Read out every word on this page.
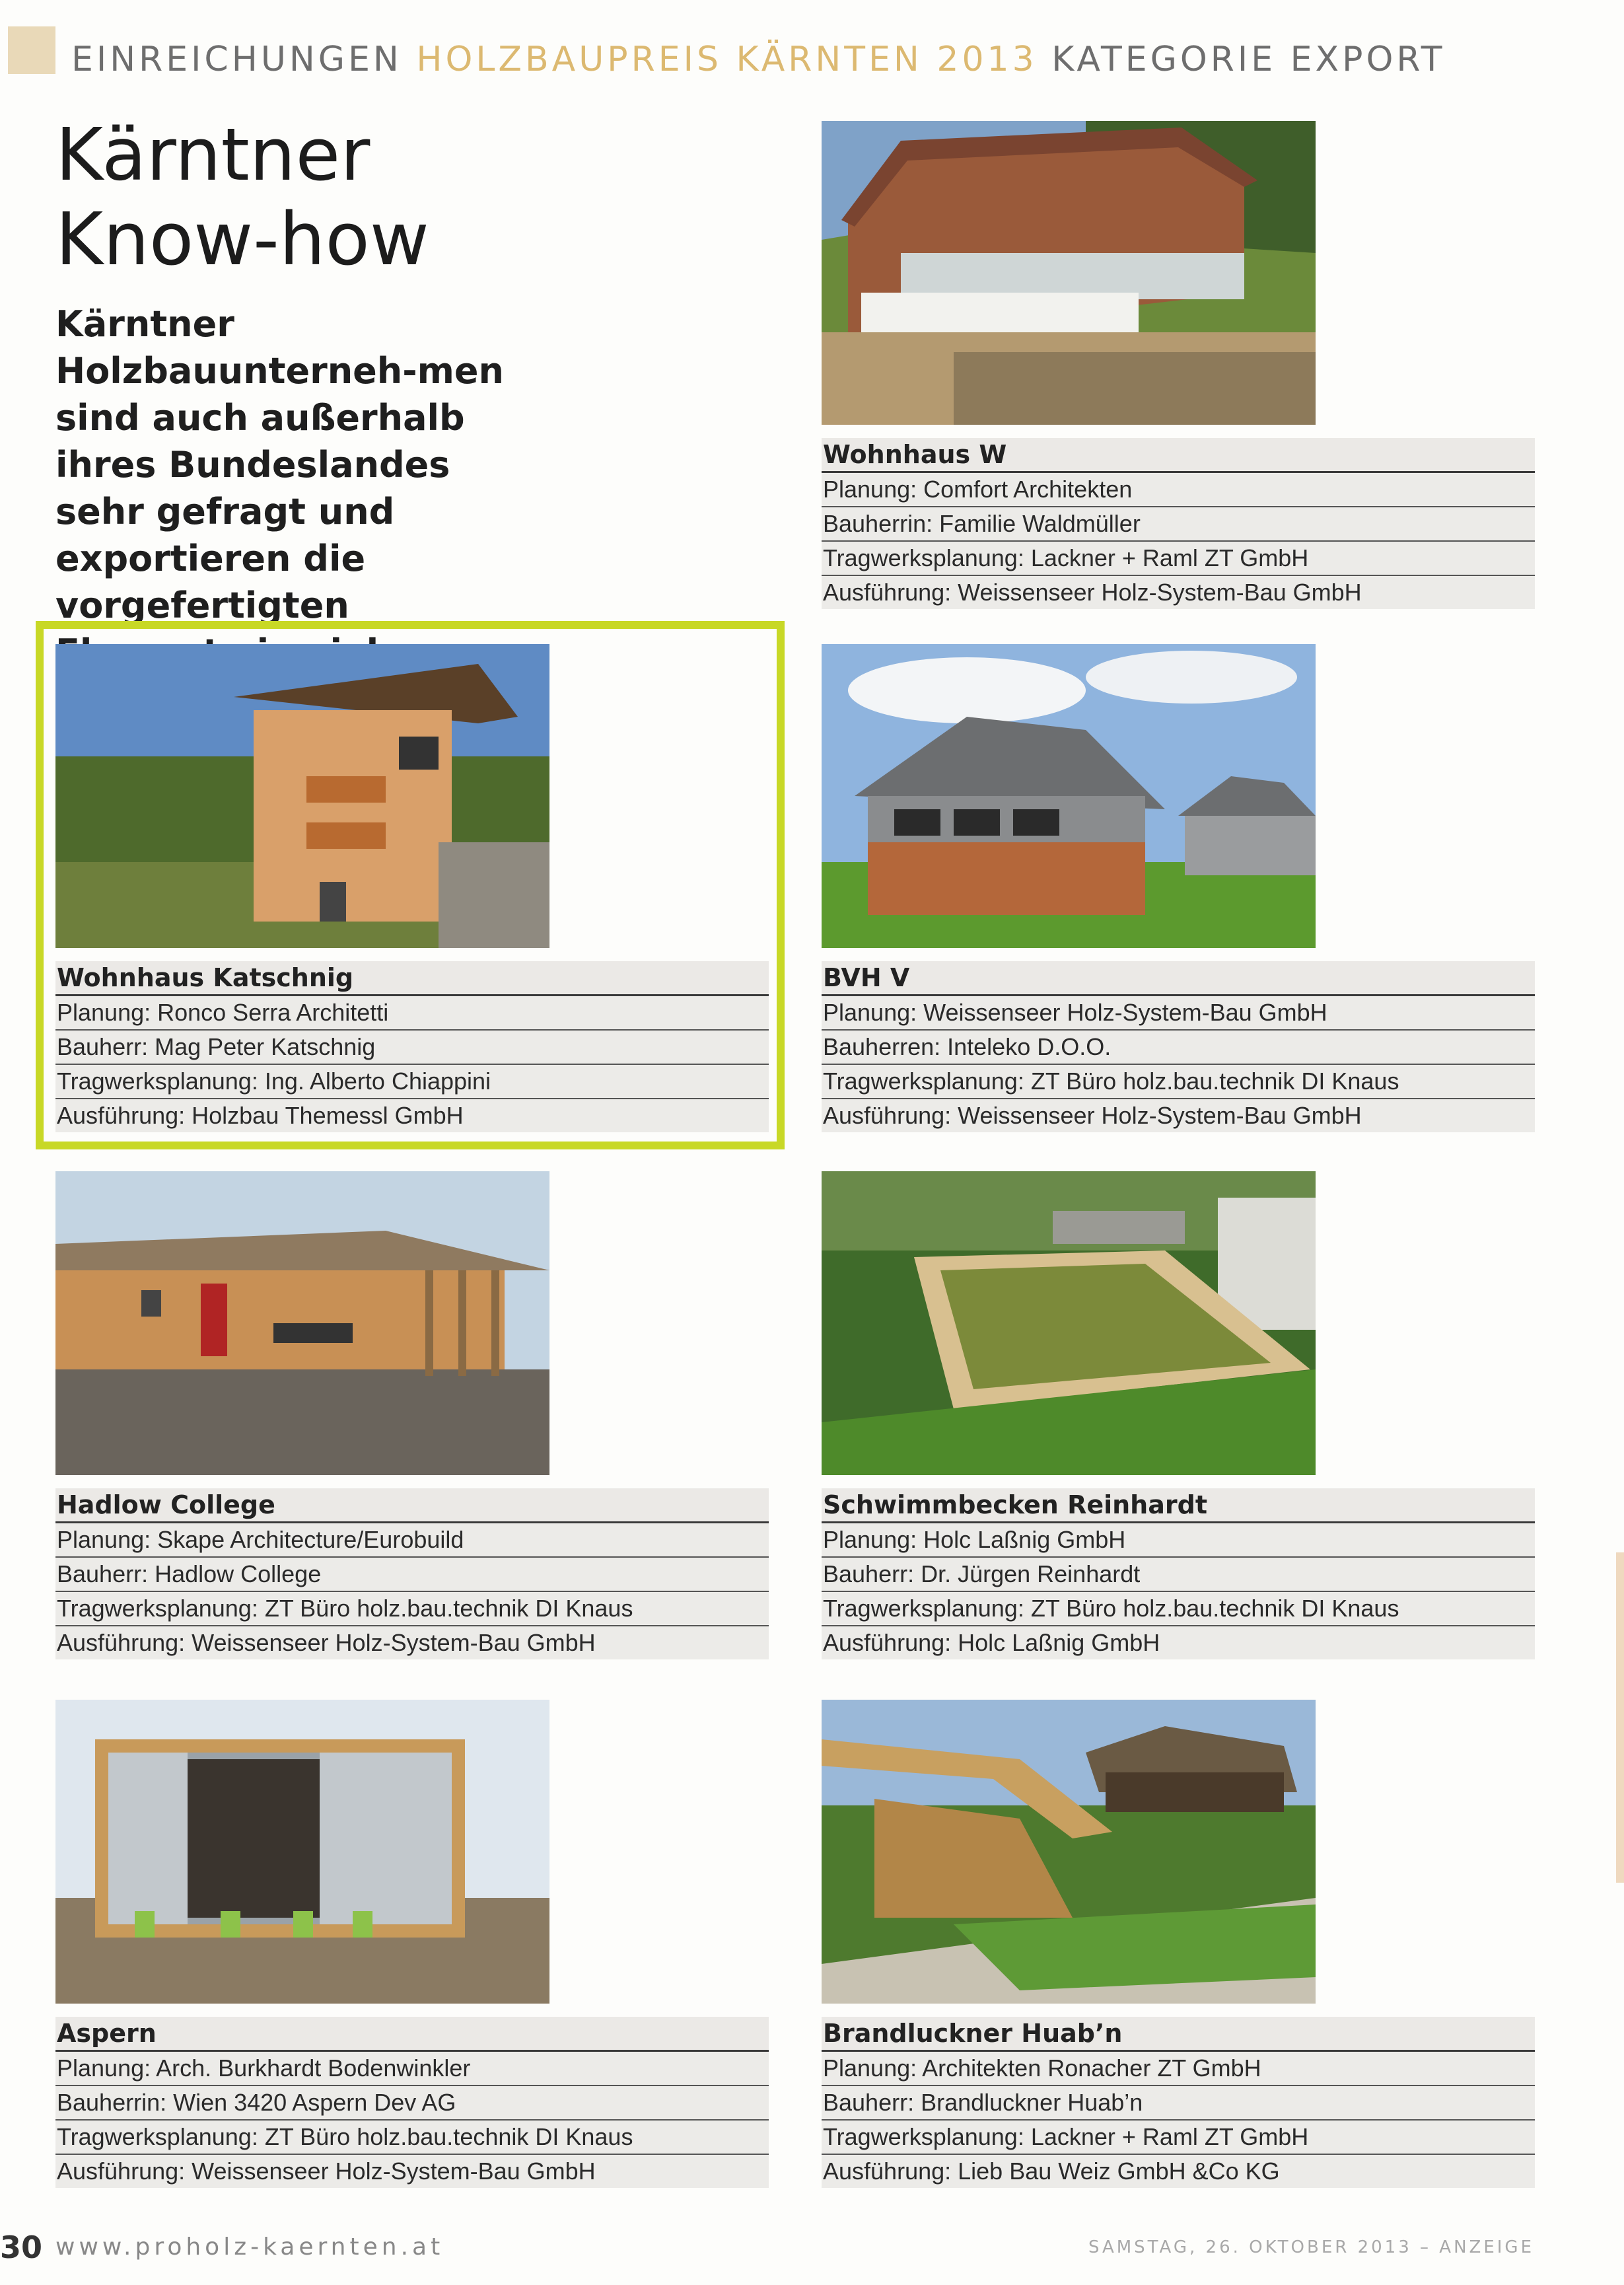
EINREICHUNGEN HOLZBAUPREIS KÄRNTEN 2013 KATEGORIE EXPORT
Kärntner
Know-how
Kärntner Holzbauunterneh-men sind auch außerhalb ihres Bundeslandes sehr gefragt und exportieren die vorgefertigten
Wohnhaus W
Planung: Comfort Architekten
Bauherrin: Familie Waldmüller
Tragwerksplanung: Lackner + Raml ZT GmbH
Ausführung: Weissenseer Holz-System-Bau GmbH
Wohnhaus Katschnig
Planung: Ronco Serra Architetti
Bauherr: Mag Peter Katschnig
Tragwerksplanung: Ing. Alberto Chiappini
Ausführung: Holzbau Themessl GmbH
BVH V
Planung: Weissenseer Holz-System-Bau GmbH
Bauherren: Inteleko D.O.O.
Tragwerksplanung: ZT Büro holz.bau.technik DI Knaus
Ausführung: Weissenseer Holz-System-Bau GmbH
Hadlow College
Planung: Skape Architecture/Eurobuild
Bauherr: Hadlow College
Tragwerksplanung: ZT Büro holz.bau.technik DI Knaus
Ausführung: Weissenseer Holz-System-Bau GmbH
Schwimmbecken Reinhardt
Planung: Holc Laßnig GmbH
Bauherr: Dr. Jürgen Reinhardt
Tragwerksplanung: ZT Büro holz.bau.technik DI Knaus
Ausführung: Holc Laßnig GmbH
Aspern
Planung: Arch. Burkhardt Bodenwinkler
Bauherrin: Wien 3420 Aspern Dev AG
Tragwerksplanung: ZT Büro holz.bau.technik DI Knaus
Ausführung: Weissenseer Holz-System-Bau GmbH
Brandluckner Huab’n
Planung: Architekten Ronacher ZT GmbH
Bauherr: Brandluckner Huab’n
Tragwerksplanung: Lackner + Raml ZT GmbH
Ausführung: Lieb Bau Weiz GmbH &Co KG
30 www.proholz-kaernten.at	SAMSTAG, 26. OKTOBER 2013 – ANZEIGE
